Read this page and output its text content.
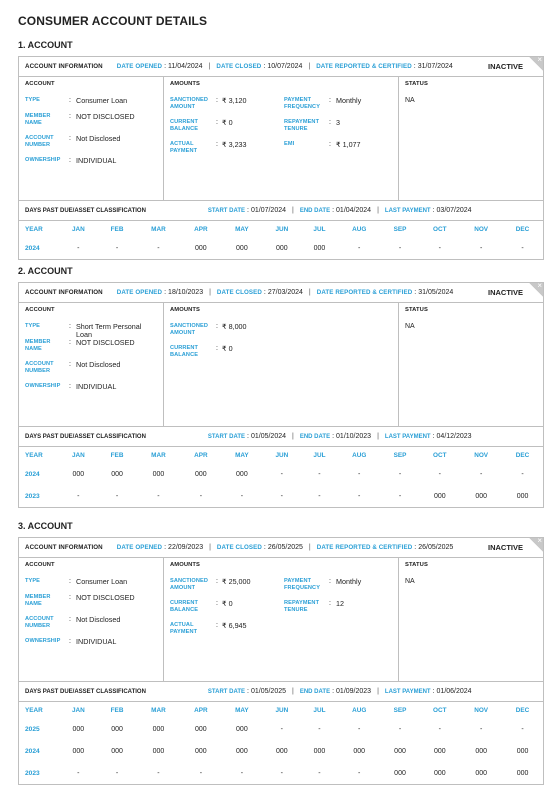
CONSUMER ACCOUNT DETAILS
1. ACCOUNT
ACCOUNT INFORMATION DATE OPENED : 11/04/2024 | DATE CLOSED : 10/07/2024 | DATE REPORTED & CERTIFIED : 31/07/2024	INACTIVE
×
ACCOUNT
TYPE	: Consumer Loan
MEMBER NAME
: NOT DISCLOSED
ACCOUNT NUMBER
: Not Disclosed
OWNERSHIP	: INDIVIDUAL
AMOUNTS
SANCTIONED AMOUNT
: ₹ 3,120
CURRENT BALANCE
: ₹ 0
ACTUAL PAYMENT
: ₹ 3,233
PAYMENT FREQUENCY
: Monthly
REPAYMENT TENURE
: 3
EMI	: ₹ 1,077
STATUS
NA
DAYS PAST DUE/ASSET CLASSIFICATION	START DATE : 01/07/2024 | END DATE : 01/04/2024 | LAST PAYMENT : 03/07/2024
YEAR	JAN	FEB	MAR	APR	MAY	JUN	JUL	AUG	SEP	OCT	NOV	DEC
2024	-	-	-	000	000	000	000	-	-	-	-	-
2. ACCOUNT
ACCOUNT INFORMATION DATE OPENED : 18/10/2023 | DATE CLOSED : 27/03/2024 | DATE REPORTED & CERTIFIED : 31/05/2024	INACTIVE
×
ACCOUNT
TYPE	: Short Term Personal Loan
MEMBER NAME
: NOT DISCLOSED
ACCOUNT NUMBER
: Not Disclosed
OWNERSHIP	: INDIVIDUAL
AMOUNTS
SANCTIONED AMOUNT
: ₹ 8,000
CURRENT BALANCE
: ₹ 0
STATUS
NA
DAYS PAST DUE/ASSET CLASSIFICATION	START DATE : 01/05/2024 | END DATE : 01/10/2023 | LAST PAYMENT : 04/12/2023
YEAR	JAN	FEB	MAR	APR	MAY	JUN	JUL	AUG	SEP	OCT	NOV	DEC
2024	000	000	000	000	000	-	-	-	-	-	-	-
2023	-	-	-	-	-	-	-	-	-	000	000	000
3. ACCOUNT
ACCOUNT INFORMATION DATE OPENED : 22/09/2023 | DATE CLOSED : 26/05/2025 | DATE REPORTED & CERTIFIED : 26/05/2025	INACTIVE
×
ACCOUNT
TYPE	: Consumer Loan
MEMBER NAME
: NOT DISCLOSED
ACCOUNT NUMBER
: Not Disclosed
OWNERSHIP	: INDIVIDUAL
AMOUNTS
SANCTIONED AMOUNT
: ₹ 25,000
CURRENT BALANCE
: ₹ 0
ACTUAL PAYMENT
: ₹ 6,945
PAYMENT FREQUENCY
: Monthly
REPAYMENT TENURE
: 12
STATUS
NA
DAYS PAST DUE/ASSET CLASSIFICATION	START DATE : 01/05/2025 | END DATE : 01/09/2023 | LAST PAYMENT : 01/06/2024
YEAR	JAN	FEB	MAR	APR	MAY	JUN	JUL	AUG	SEP	OCT	NOV	DEC
2025	000	000	000	000	000	-	-	-	-	-	-	-
2024	000	000	000	000	000	000	000	000	000	000	000	000
2023	-	-	-	-	-	-	-	-	000	000	000	000
